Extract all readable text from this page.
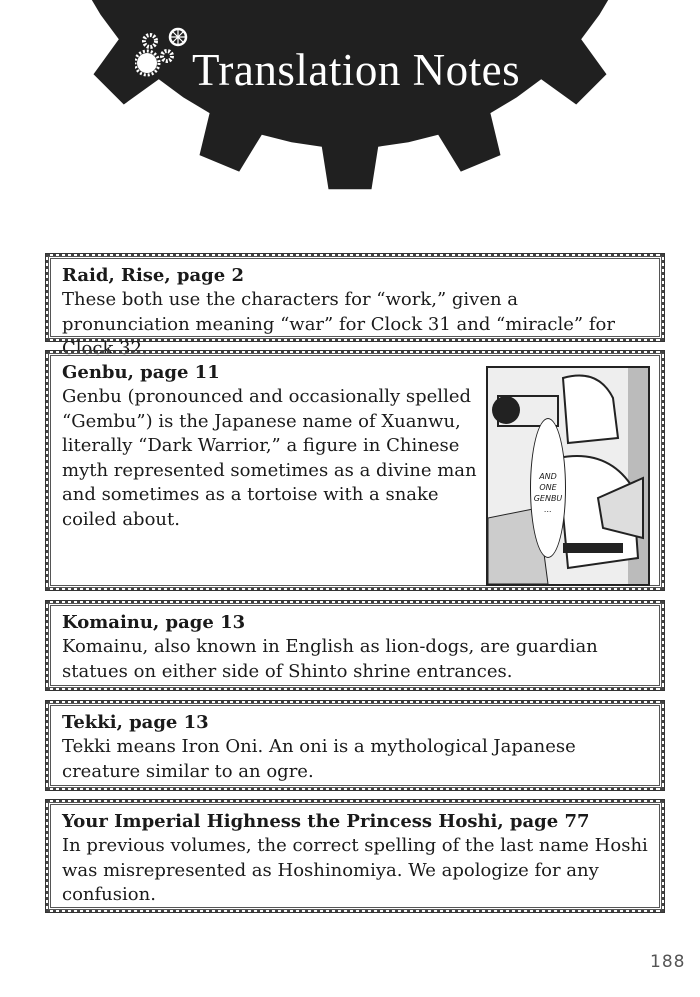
Translation Notes
Raid, Rise, page 2

These both use the characters for “work,” given a pronunciation meaning “war” for Clock 31 and “miracle” for Clock 32.

Genbu, page 11

Genbu (pronounced and occasionally spelled “Gembu”) is the Japanese name of Xuanwu, literally “Dark Warrior,” a figure in Chinese myth represented sometimes as a divine man and sometimes as a tortoise with a snake coiled about.

AND ONE GENBU ...
Komainu, page 13

Komainu, also known in English as lion-dogs, are guardian statues on either side of Shinto shrine entrances.

Tekki, page 13

Tekki means Iron Oni. An oni is a mythological Japanese creature similar to an ogre.

Your Imperial Highness the Princess Hoshi, page 77

In previous volumes, the correct spelling of the last name Hoshi was misrepresented as Hoshinomiya. We apologize for any confusion.

188
